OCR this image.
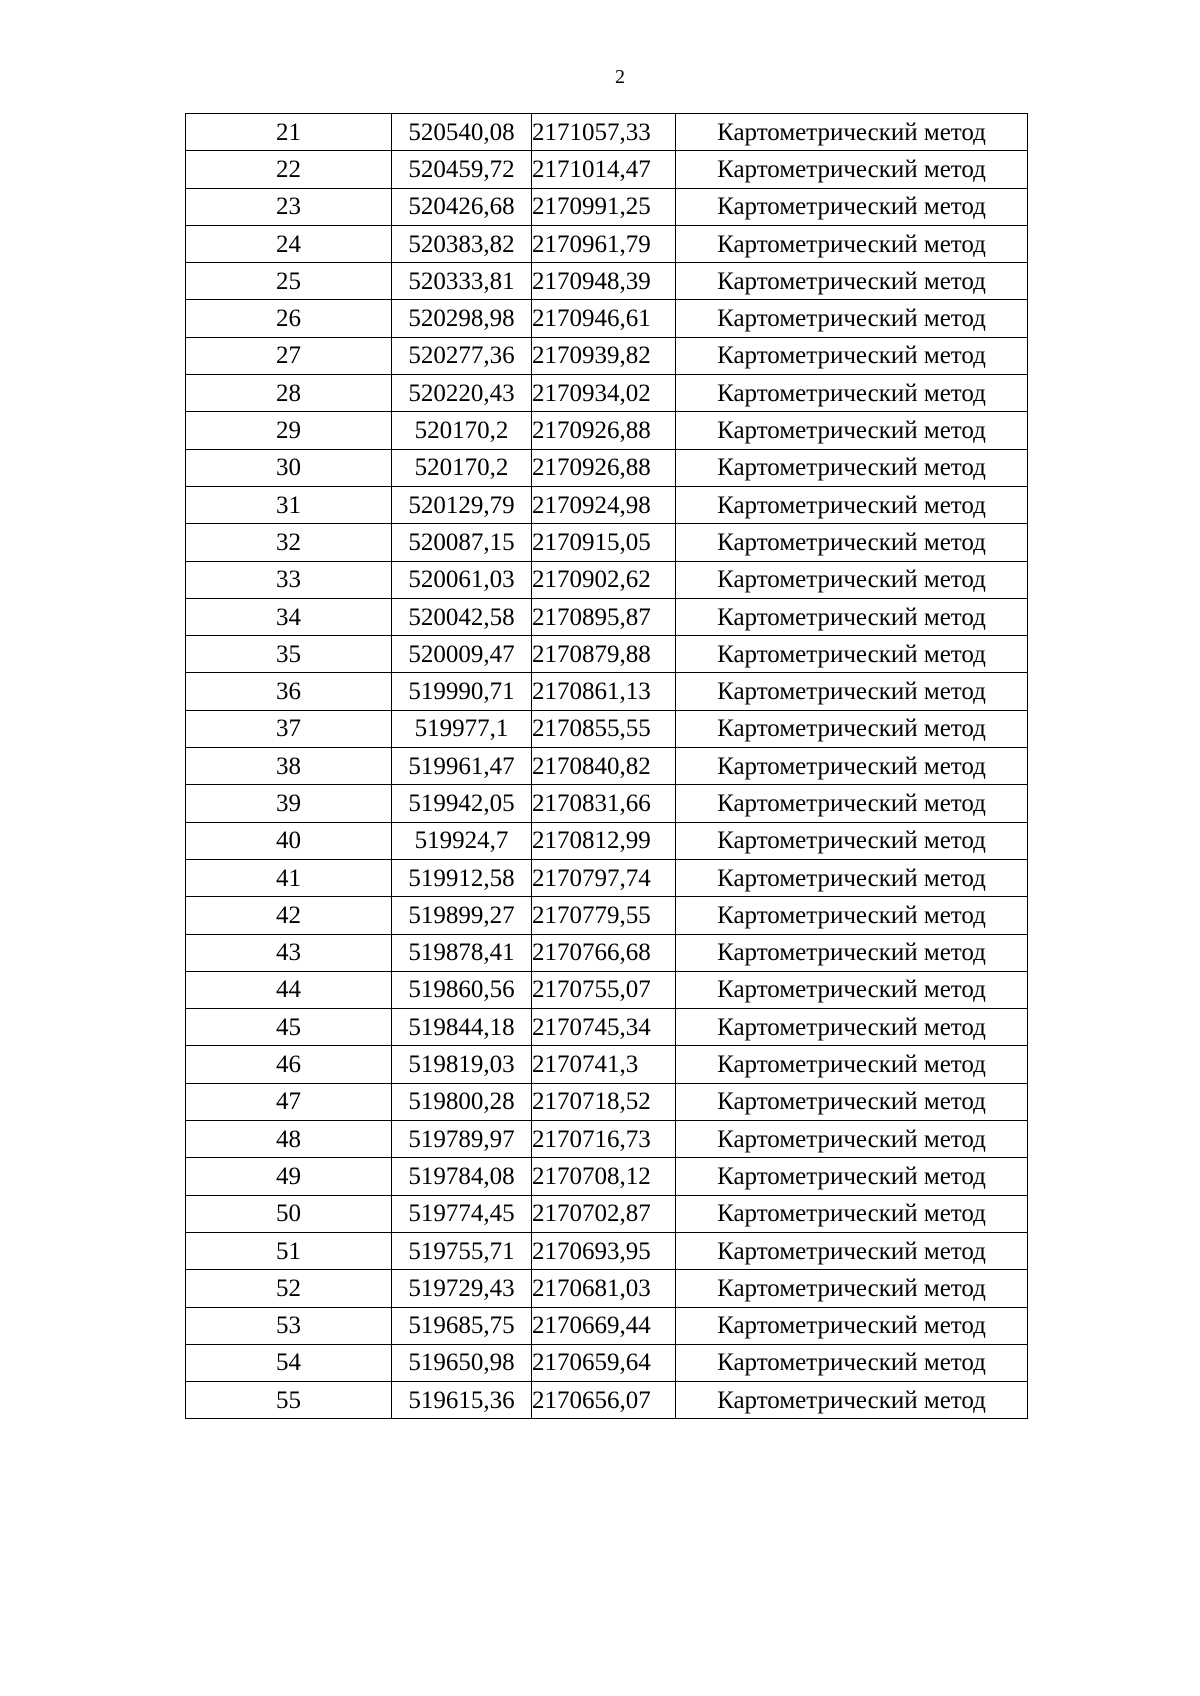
2
21	520540,08	2171057,33	Картометрический метод
22	520459,72	2171014,47	Картометрический метод
23	520426,68	2170991,25	Картометрический метод
24	520383,82	2170961,79	Картометрический метод
25	520333,81	2170948,39	Картометрический метод
26	520298,98	2170946,61	Картометрический метод
27	520277,36	2170939,82	Картометрический метод
28	520220,43	2170934,02	Картометрический метод
29	520170,2	2170926,88	Картометрический метод
30	520170,2	2170926,88	Картометрический метод
31	520129,79	2170924,98	Картометрический метод
32	520087,15	2170915,05	Картометрический метод
33	520061,03	2170902,62	Картометрический метод
34	520042,58	2170895,87	Картометрический метод
35	520009,47	2170879,88	Картометрический метод
36	519990,71	2170861,13	Картометрический метод
37	519977,1	2170855,55	Картометрический метод
38	519961,47	2170840,82	Картометрический метод
39	519942,05	2170831,66	Картометрический метод
40	519924,7	2170812,99	Картометрический метод
41	519912,58	2170797,74	Картометрический метод
42	519899,27	2170779,55	Картометрический метод
43	519878,41	2170766,68	Картометрический метод
44	519860,56	2170755,07	Картометрический метод
45	519844,18	2170745,34	Картометрический метод
46	519819,03	2170741,3	Картометрический метод
47	519800,28	2170718,52	Картометрический метод
48	519789,97	2170716,73	Картометрический метод
49	519784,08	2170708,12	Картометрический метод
50	519774,45	2170702,87	Картометрический метод
51	519755,71	2170693,95	Картометрический метод
52	519729,43	2170681,03	Картометрический метод
53	519685,75	2170669,44	Картометрический метод
54	519650,98	2170659,64	Картометрический метод
55	519615,36	2170656,07	Картометрический метод
